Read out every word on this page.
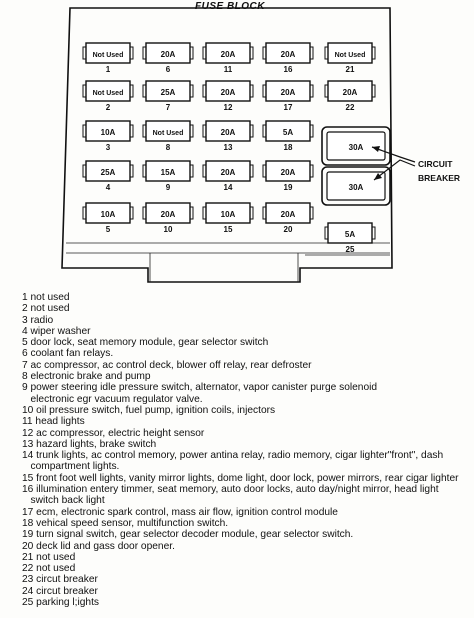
FUSE BLOCK
Not Used
1
20A
6
20A
11
20A
16
Not Used
21
Not Used
2
25A
7
20A
12
20A
17
20A
22
10A
3
Not Used
8
20A
13
5A
18
25A
4
15A
9
20A
14
20A
19
10A
5
20A
10
10A
15
20A
20
5A
25
30A
30A
CIRCUIT
BREAKER
1 not used
2 not used
3 radio
4 wiper washer
5 door lock, seat memory module, gear selector switch
6 coolant fan relays.
7 ac compressor, ac control deck, blower off relay, rear defroster
8 electronic brake and pump
9 power steering idle pressure switch, alternator, vapor canister purge solenoid
electronic egr vacuum regulator valve.
10 oil pressure switch, fuel pump, ignition coils, injectors
11 head lights
12 ac compressor, electric height sensor
13 hazard lights, brake switch
14 trunk lights, ac control memory, power antina relay, radio memory, cigar lighter"front", dash
compartment lights.
15 front foot well lights, vanity mirror lights, dome light, door lock, power mirrors, rear cigar lighter
16 illumination entery timmer, seat memory, auto door locks, auto day/night mirror, head light
switch back light
17 ecm, electronic spark control, mass air flow, ignition control module
18 vehical speed sensor, multifunction switch.
19 turn signal switch, gear selector decoder module, gear selector switch.
20 deck lid and gass door opener.
21 not used
22 not used
23 circut breaker
24 circut breaker
25 parking l;ights
